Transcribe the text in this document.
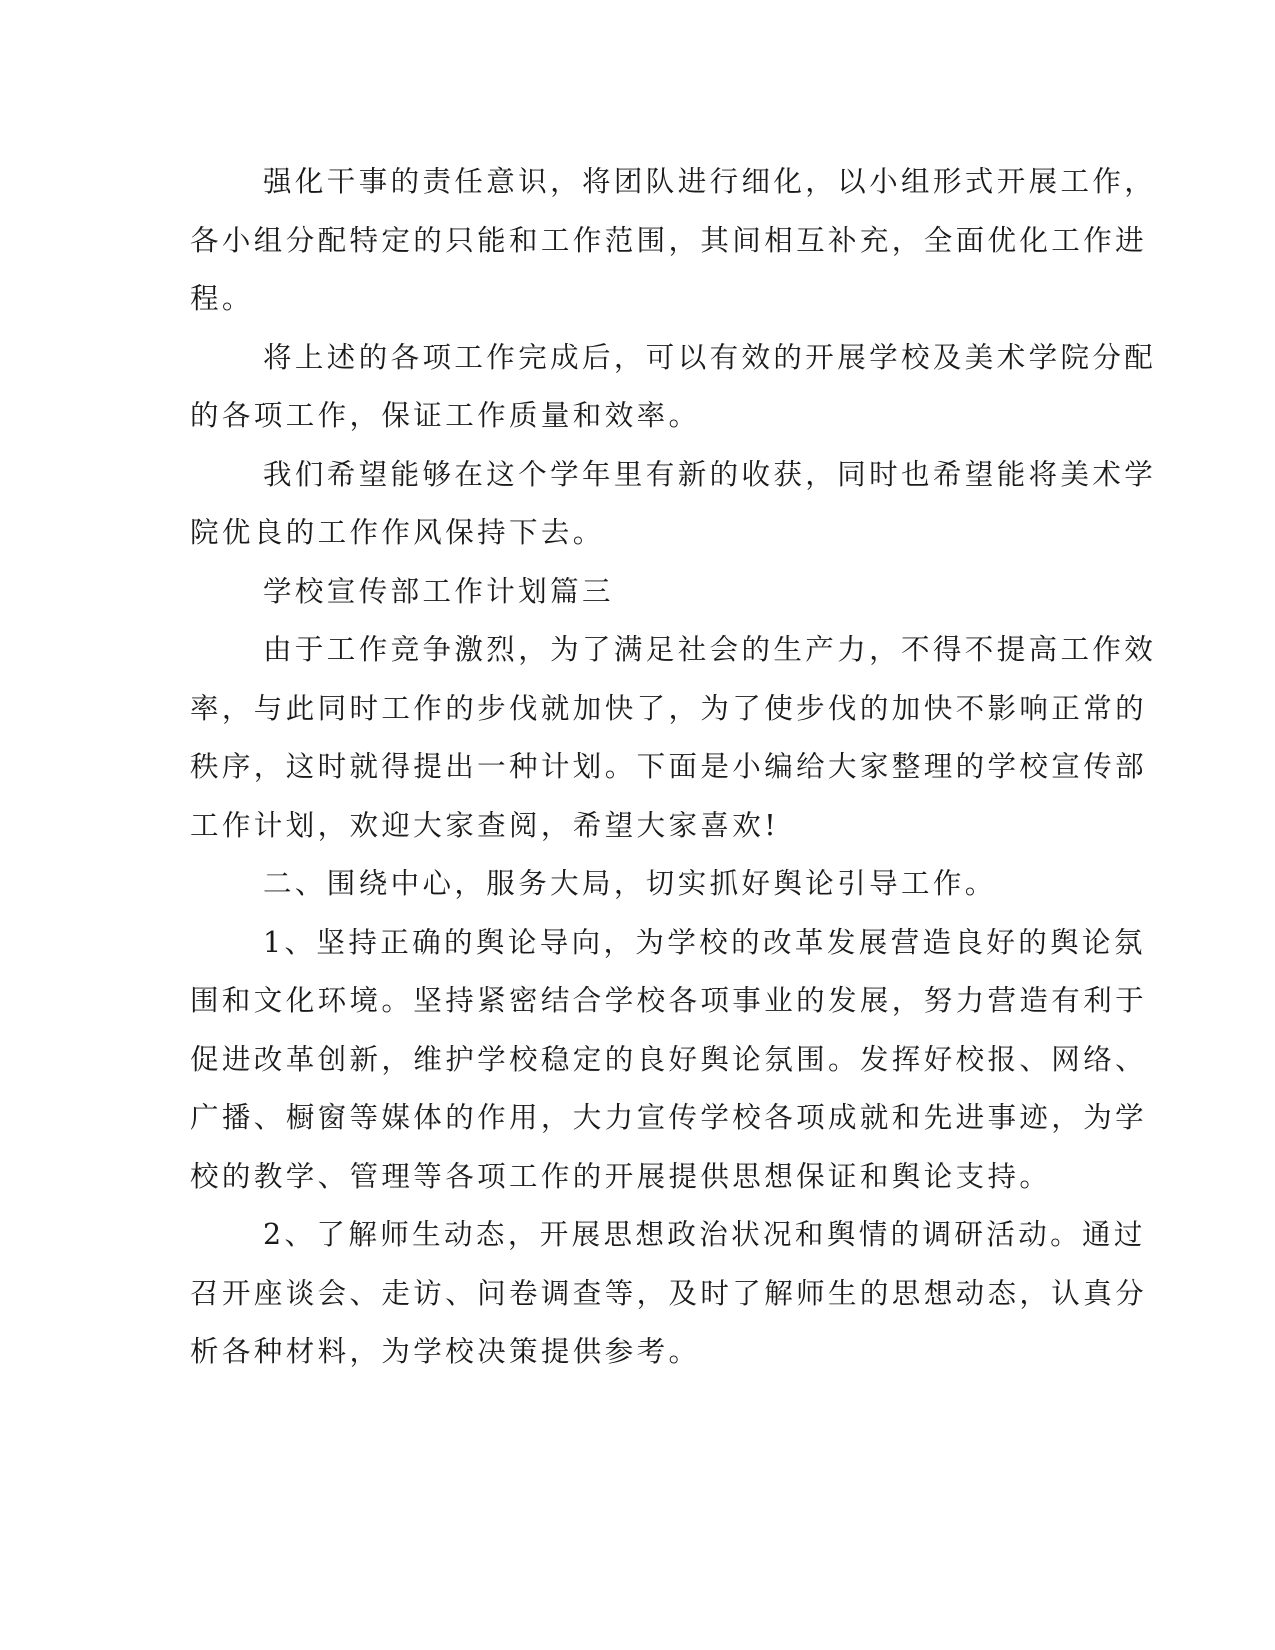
强化干事的责任意识，将团队进行细化，以小组形式开展工作，
各小组分配特定的只能和工作范围，其间相互补充，全面优化工作进
程。
将上述的各项工作完成后，可以有效的开展学校及美术学院分配
的各项工作，保证工作质量和效率。
我们希望能够在这个学年里有新的收获，同时也希望能将美术学
院优良的工作作风保持下去。
学校宣传部工作计划篇三
由于工作竞争激烈，为了满足社会的生产力，不得不提高工作效
率，与此同时工作的步伐就加快了，为了使步伐的加快不影响正常的
秩序，这时就得提出一种计划。下面是小编给大家整理的学校宣传部
工作计划，欢迎大家查阅，希望大家喜欢!
二、围绕中心，服务大局，切实抓好舆论引导工作。
1、坚持正确的舆论导向，为学校的改革发展营造良好的舆论氛
围和文化环境。坚持紧密结合学校各项事业的发展，努力营造有利于
促进改革创新，维护学校稳定的良好舆论氛围。发挥好校报、网络、
广播、橱窗等媒体的作用，大力宣传学校各项成就和先进事迹，为学
校的教学、管理等各项工作的开展提供思想保证和舆论支持。
2、了解师生动态，开展思想政治状况和舆情的调研活动。通过
召开座谈会、走访、问卷调查等，及时了解师生的思想动态，认真分
析各种材料，为学校决策提供参考。
